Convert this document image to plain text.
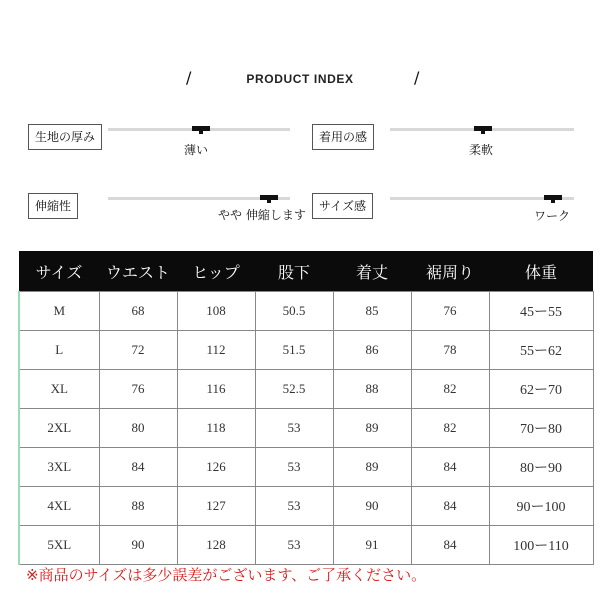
/	PRODUCT INDEX	/
生地の厚み
薄い
着用の感
柔軟
伸縮性
やや 伸縮します
サイズ感
ワーク
サイズ	ウエスト	ヒップ	股下	着丈	裾周り	体重
M	68	108	50.5	85	76	45ー55
L	72	112	51.5	86	78	55ー62
XL	76	116	52.5	88	82	62ー70
2XL	80	118	53	89	82	70ー80
3XL	84	126	53	89	84	80ー90
4XL	88	127	53	90	84	90ー100
5XL	90	128	53	91	84	100ー110
※商品のサイズは多少誤差がございます、ご了承ください。
